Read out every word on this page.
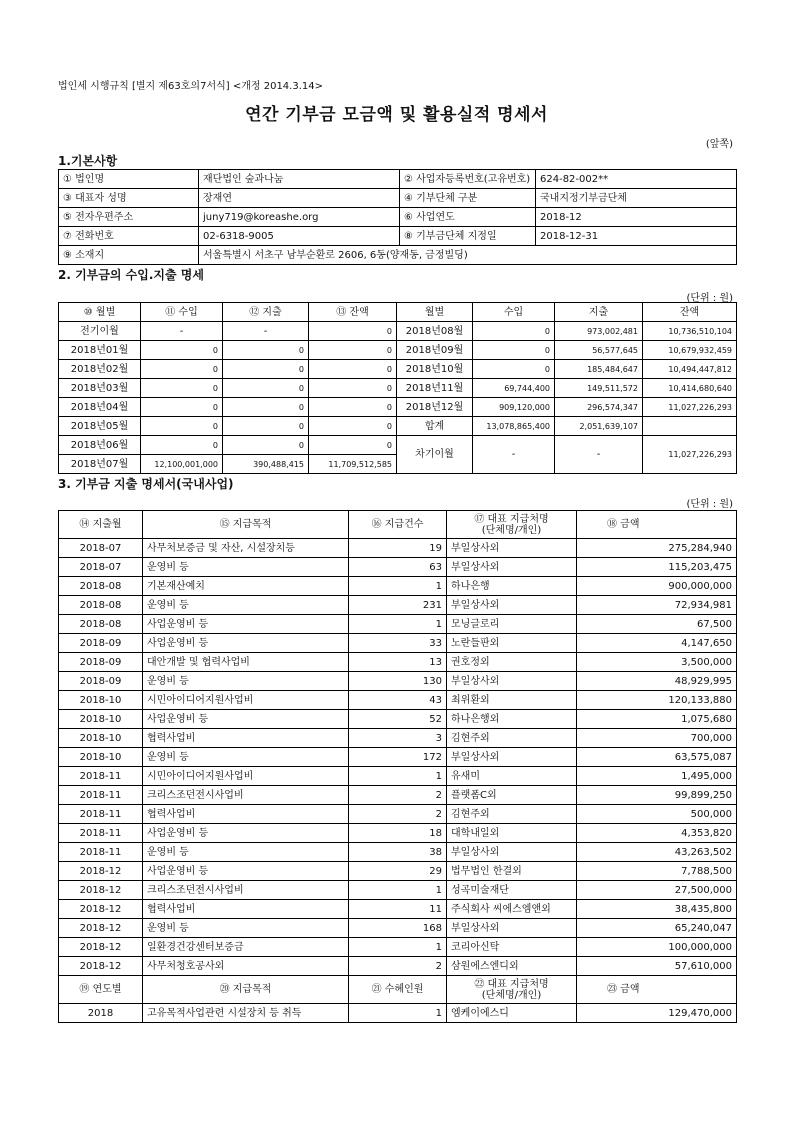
법인세 시행규칙 [별지 제63호의7서식] <개정 2014.3.14>
연간 기부금 모금액 및 활용실적 명세서
(앞쪽)
1.기본사항
① 법인명	재단법인 숲과나눔	② 사업자등록번호(고유번호)	624-82-002**
③ 대표자 성명	장재연	④ 기부단체 구분	국내지정기부금단체
⑤ 전자우편주소	juny719@koreashe.org	⑥ 사업연도	2018-12
⑦ 전화번호	02-6318-9005	⑧ 기부금단체 지정일	2018-12-31
⑨ 소재지	서울특별시 서초구 남부순환로 2606, 6동(양재동, 금정빌딩)		
2. 기부금의 수입.지출 명세
(단위 : 원)
⑩ 월별	⑪ 수입	⑫ 지출	⑬ 잔액	월별	수입	지출	잔액
전기이월	-	-	0	2018년08월	0	973,002,481	10,736,510,104
2018년01월	0	0	0	2018년09월	0	56,577,645	10,679,932,459
2018년02월	0	0	0	2018년10월	0	185,484,647	10,494,447,812
2018년03월	0	0	0	2018년11월	69,744,400	149,511,572	10,414,680,640
2018년04월	0	0	0	2018년12월	909,120,000	296,574,347	11,027,226,293
2018년05월	0	0	0	합계	13,078,865,400	2,051,639,107	
2018년06월	0	0	0	차기이월	-	-	11,027,226,293
2018년07월	12,100,001,000	390,488,415	11,709,512,585				
3. 기부금 지출 명세서(국내사업)
(단위 : 원)
⑭ 지출월	⑮ 지급목적	⑯ 지급건수	⑰ 대표 지급처명
(단체명/개인)	⑱ 금액
2018-07	사무처보증금 및 자산, 시설장치등	19	부일상사외	275,284,940
2018-07	운영비 등	63	부일상사외	115,203,475
2018-08	기본재산예치	1	하나은행	900,000,000
2018-08	운영비 등	231	부일상사외	72,934,981
2018-08	사업운영비 등	1	모닝글로리	67,500
2018-09	사업운영비 등	33	노란들판외	4,147,650
2018-09	대안개발 및 협력사업비	13	권호정외	3,500,000
2018-09	운영비 등	130	부일상사외	48,929,995
2018-10	시민아이디어지원사업비	43	최위환외	120,133,880
2018-10	사업운영비 등	52	하나은행외	1,075,680
2018-10	협력사업비	3	김현주외	700,000
2018-10	운영비 등	172	부일상사외	63,575,087
2018-11	시민아이디어지원사업비	1	유새미	1,495,000
2018-11	크리스조던전시사업비	2	플랫폼C외	99,899,250
2018-11	협력사업비	2	김현주외	500,000
2018-11	사업운영비 등	18	대학내일외	4,353,820
2018-11	운영비 등	38	부일상사외	43,263,502
2018-12	사업운영비 등	29	법무법인 한결외	7,788,500
2018-12	크리스조던전시사업비	1	성곡미술재단	27,500,000
2018-12	협력사업비	11	주식회사 씨에스엠앤외	38,435,800
2018-12	운영비 등	168	부일상사외	65,240,047
2018-12	일환경건강센터보증금	1	코리아신탁	100,000,000
2018-12	사무처청호공사외	2	삼원에스엔디외	57,610,000
⑲ 연도별	⑳ 지급목적	㉑ 수혜인원	㉒ 대표 지급처명
(단체명/개인)	㉓ 금액
2018	고유목적사업관련 시설장치 등 취득	1	엠케이에스디	129,470,000
